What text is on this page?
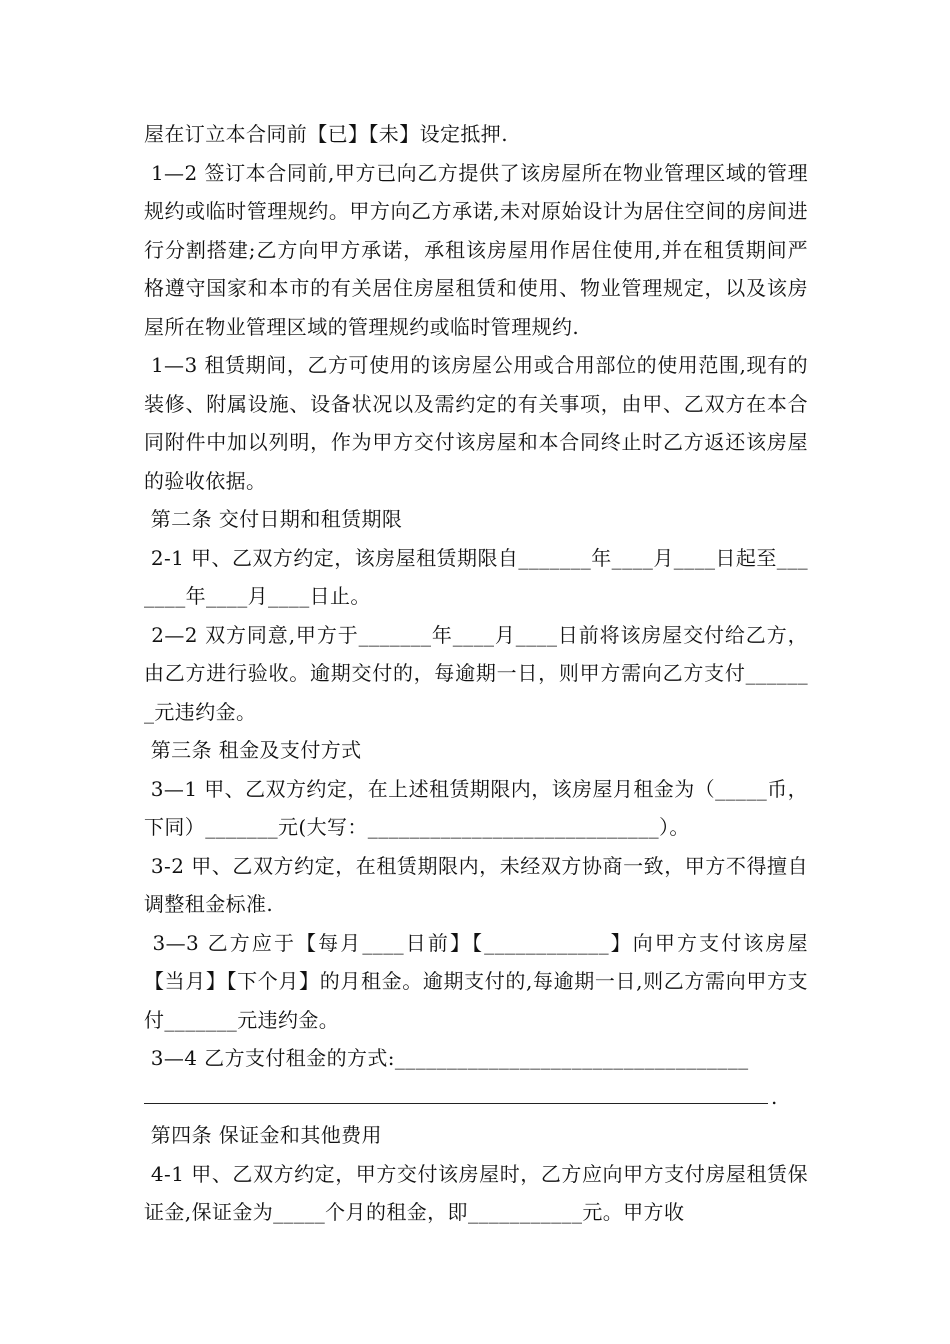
屋在订立本合同前【已】【未】设定抵押.

1—2 签订本合同前,甲方已向乙方提供了该房屋所在物业管理区域的管理规约或临时管理规约。甲方向乙方承诺,未对原始设计为居住空间的房间进行分割搭建;乙方向甲方承诺，承租该房屋用作居住使用,并在租赁期间严格遵守国家和本市的有关居住房屋租赁和使用、物业管理规定，以及该房屋所在物业管理区域的管理规约或临时管理规约.

1—3 租赁期间，乙方可使用的该房屋公用或合用部位的使用范围,现有的装修、附属设施、设备状况以及需约定的有关事项，由甲、乙双方在本合同附件中加以列明，作为甲方交付该房屋和本合同终止时乙方返还该房屋的验收依据。

第二条 交付日期和租赁期限

2-1 甲、乙双方约定，该房屋租赁期限自_______年____月____日起至_______年____月____日止。

2—2 双方同意,甲方于_______年____月____日前将该房屋交付给乙方，由乙方进行验收。逾期交付的，每逾期一日，则甲方需向乙方支付_______元违约金。

第三条 租金及支付方式

3—1 甲、乙双方约定，在上述租赁期限内，该房屋月租金为（_____币，下同）_______元(大写：____________________________）。

3-2 甲、乙双方约定，在租赁期限内，未经双方协商一致，甲方不得擅自调整租金标准.

3—3 乙方应于【每月____日前】【____________】向甲方支付该房屋【当月】【下个月】的月租金。逾期支付的,每逾期一日,则乙方需向甲方支付_______元违约金。

3—4 乙方支付租金的方式:__________________________________

.

第四条 保证金和其他费用

4-1 甲、乙双方约定，甲方交付该房屋时，乙方应向甲方支付房屋租赁保证金,保证金为_____个月的租金，即___________元。甲方收
